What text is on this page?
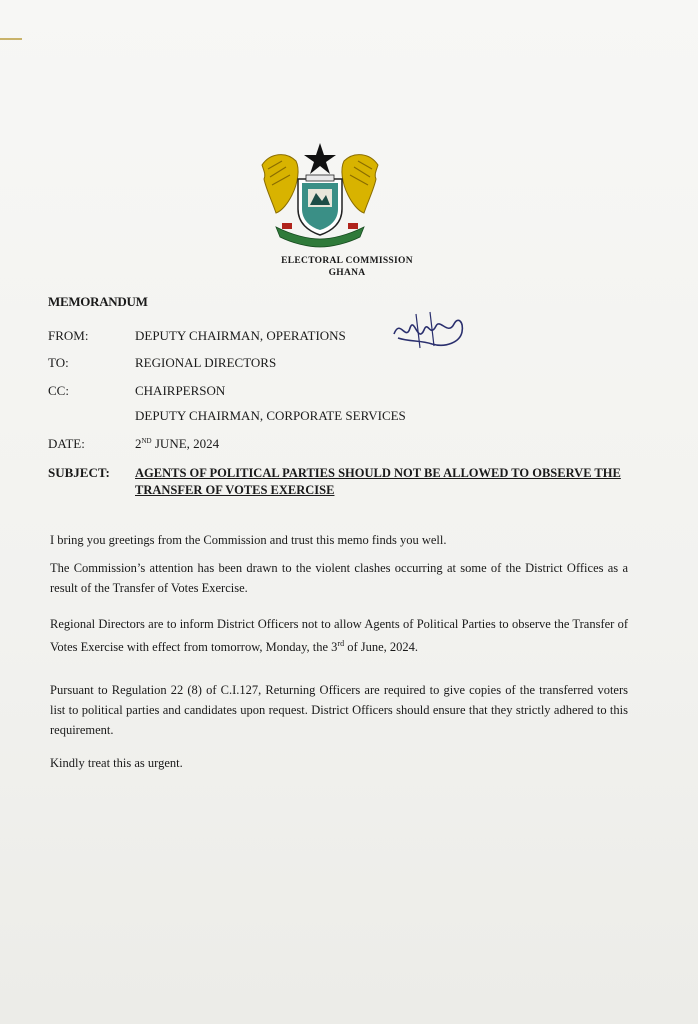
ELECTORAL COMMISSION
GHANA
MEMORANDUM
FROM:	DEPUTY CHAIRMAN, OPERATIONS
TO:	REGIONAL DIRECTORS
CC:	CHAIRPERSON
DEPUTY CHAIRMAN, CORPORATE SERVICES
DATE:	2ND JUNE, 2024
SUBJECT: AGENTS OF POLITICAL PARTIES SHOULD NOT BE ALLOWED TO OBSERVE THE TRANSFER OF VOTES EXERCISE
I bring you greetings from the Commission and trust this memo finds you well.
The Commission’s attention has been drawn to the violent clashes occurring at some of the District Offices as a result of the Transfer of Votes Exercise.
Regional Directors are to inform District Officers not to allow Agents of Political Parties to observe the Transfer of Votes Exercise with effect from tomorrow, Monday, the 3rd of June, 2024.
Pursuant to Regulation 22 (8) of C.I.127, Returning Officers are required to give copies of the transferred voters list to political parties and candidates upon request. District Officers should ensure that they strictly adhered to this requirement.
Kindly treat this as urgent.
